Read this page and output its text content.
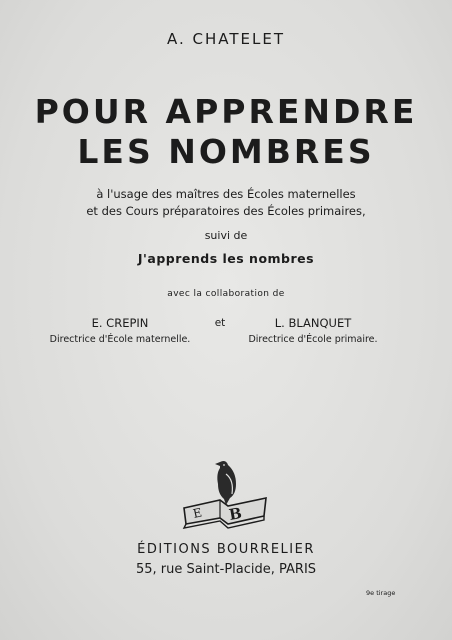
A. CHATELET
POUR APPRENDRE
LES NOMBRES
à l'usage des maîtres des Écoles maternelles
et des Cours préparatoires des Écoles primaires,
suivi de
J'apprends les nombres
avec la collaboration de
E. CREPIN
Directrice d'École maternelle.
et	L. BLANQUET
Directrice d'École primaire.
E B
ÉDITIONS BOURRELIER
55, rue Saint-Placide, PARIS
9e tirage
